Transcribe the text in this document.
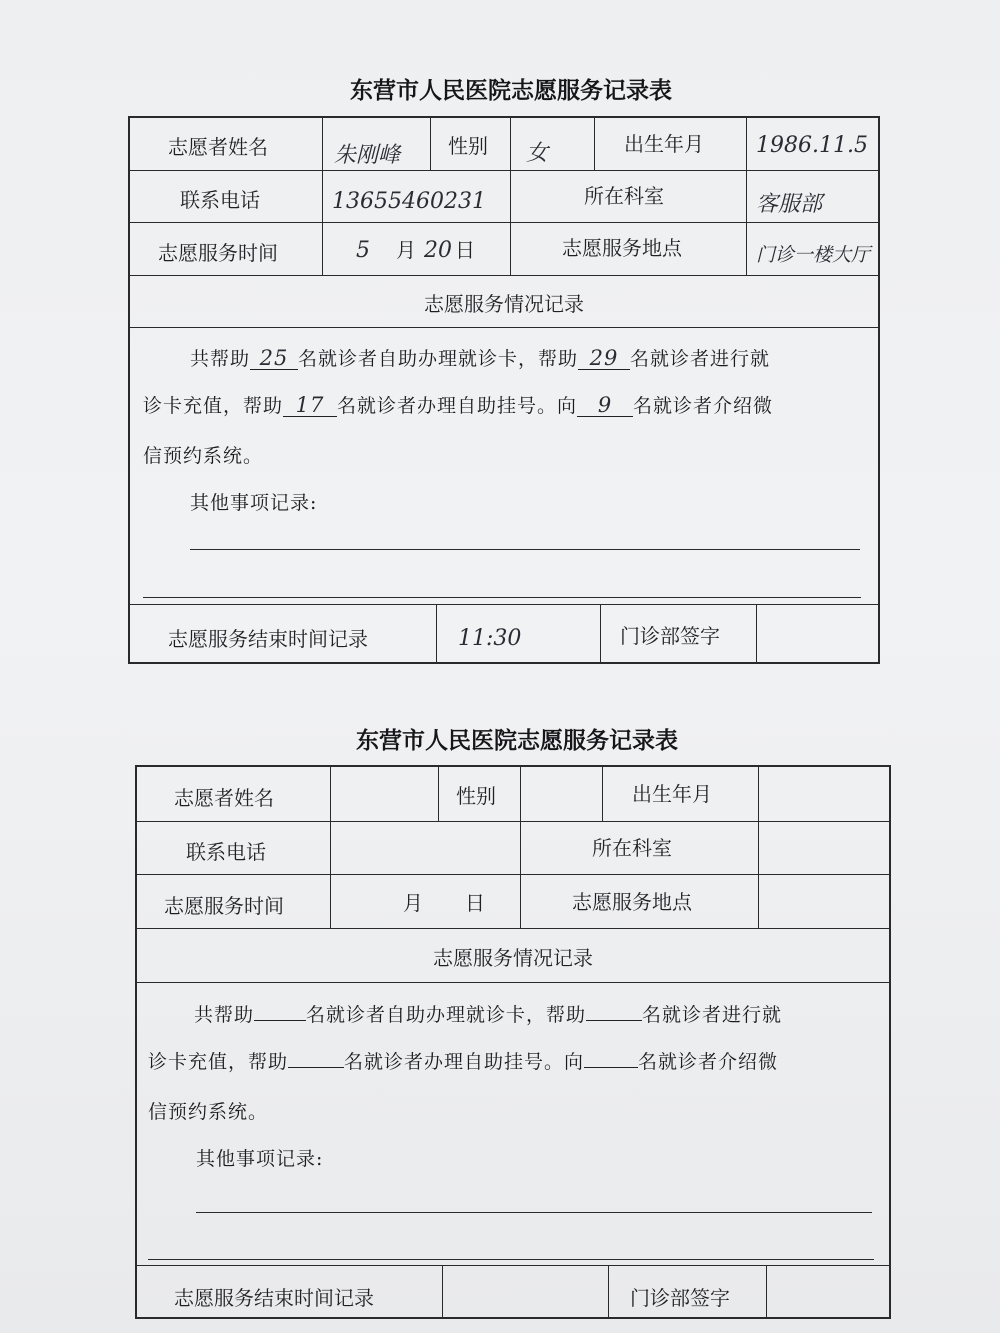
东营市人民医院志愿服务记录表
志愿者姓名	朱刚峰 性别 女	出生年月 1986.11.5
联系电话	13655460231	所在科室	客服部
志愿服务时间	5 月 20 日	志愿服务地点	门诊一楼大厅
志愿服务情况记录
共帮助 25 名就诊者自助办理就诊卡，帮助 29 名就诊者进行就
诊卡充值，帮助 17 名就诊者办理自助挂号。向 9 名就诊者介绍微
信预约系统。
其他事项记录:
志愿服务结束时间记录	11:30	门诊部签字
东营市人民医院志愿服务记录表
志愿者姓名	性别	出生年月
联系电话	所在科室
志愿服务时间	月 日	志愿服务地点
志愿服务情况记录
共帮助	名就诊者自助办理就诊卡，帮助	名就诊者进行就
诊卡充值，帮助	名就诊者办理自助挂号。向	名就诊者介绍微
信预约系统。
其他事项记录:
志愿服务结束时间记录	门诊部签字
